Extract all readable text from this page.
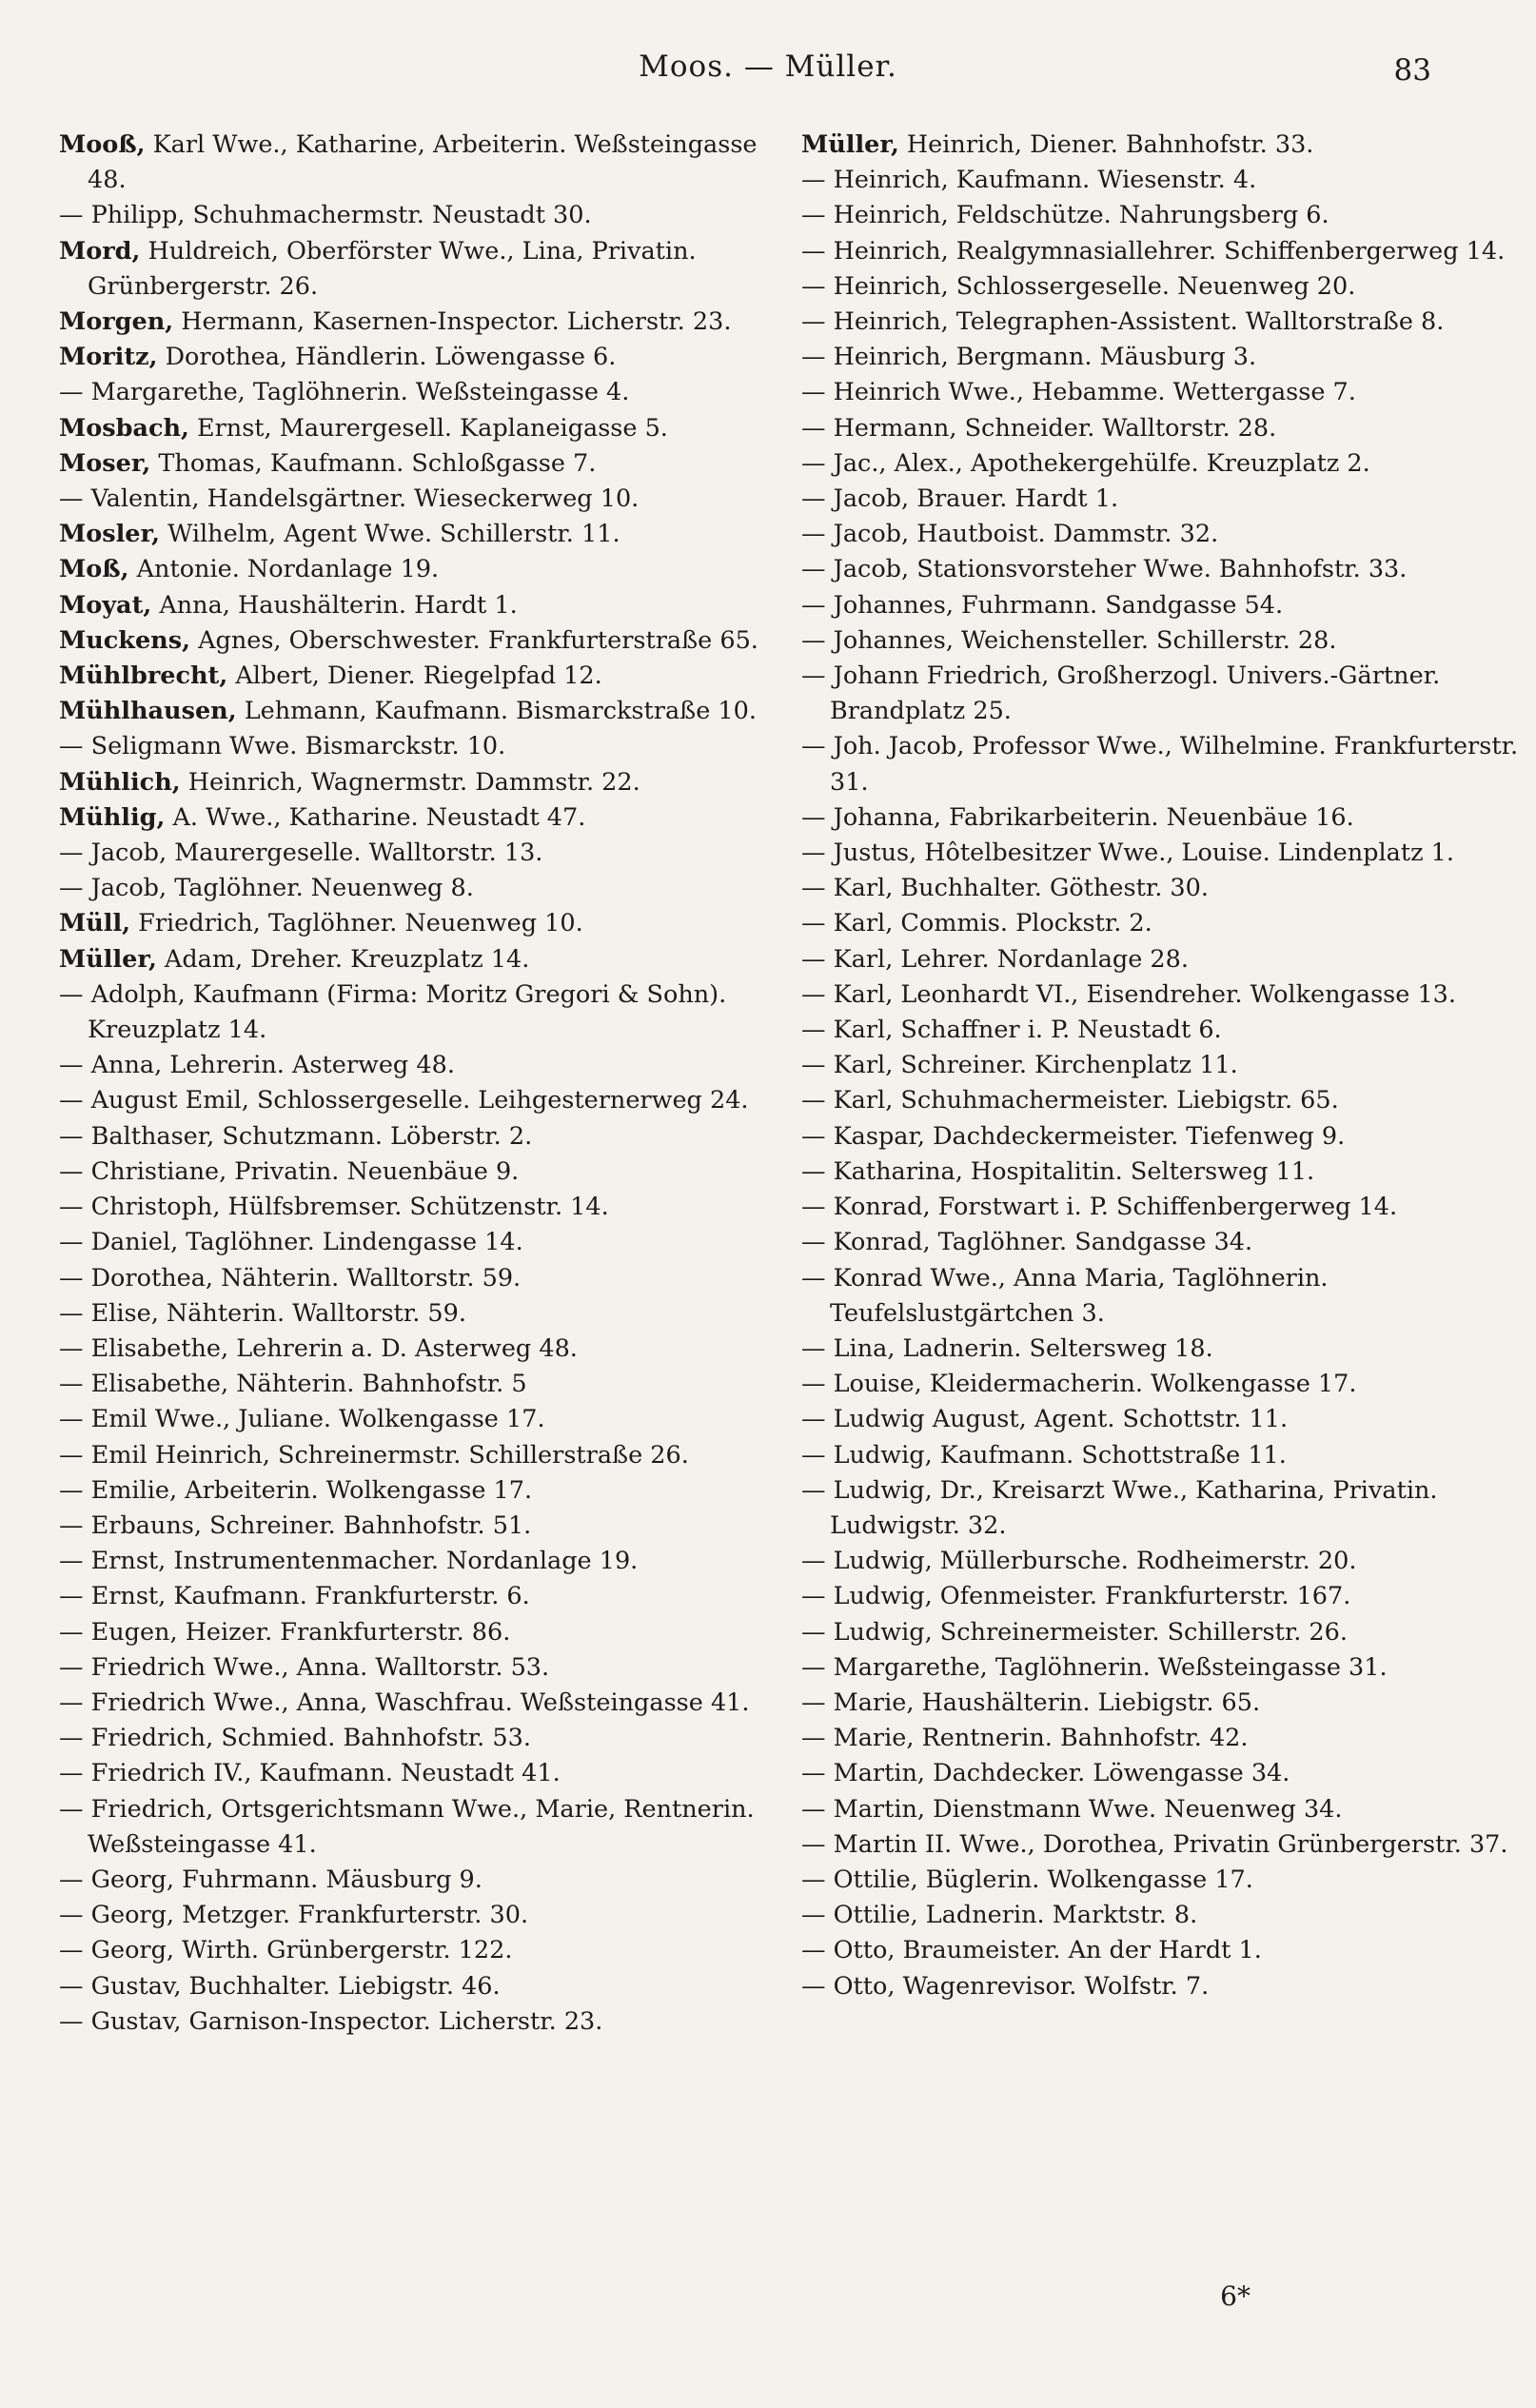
Moos. — Müller.	83
Mooß, Karl Wwe., Katharine, Arbeiterin. Weßsteingasse 48.
— Philipp, Schuhmachermstr. Neustadt 30.
Mord, Huldreich, Oberförster Wwe., Lina, Privatin. Grünbergerstr. 26.
Morgen, Hermann, Kasernen-Inspector. Licherstr. 23.
Moritz, Dorothea, Händlerin. Löwengasse 6.
— Margarethe, Taglöhnerin. Weßsteingasse 4.
Mosbach, Ernst, Maurergesell. Kaplaneigasse 5.
Moser, Thomas, Kaufmann. Schloßgasse 7.
— Valentin, Handelsgärtner. Wieseckerweg 10.
Mosler, Wilhelm, Agent Wwe. Schillerstr. 11.
Moß, Antonie. Nordanlage 19.
Moyat, Anna, Haushälterin. Hardt 1.
Muckens, Agnes, Oberschwester. Frankfurterstraße 65.
Mühlbrecht, Albert, Diener. Riegelpfad 12.
Mühlhausen, Lehmann, Kaufmann. Bismarckstraße 10.
— Seligmann Wwe. Bismarckstr. 10.
Mühlich, Heinrich, Wagnermstr. Dammstr. 22.
Mühlig, A. Wwe., Katharine. Neustadt 47.
— Jacob, Maurergeselle. Walltorstr. 13.
— Jacob, Taglöhner. Neuenweg 8.
Müll, Friedrich, Taglöhner. Neuenweg 10.
Müller, Adam, Dreher. Kreuzplatz 14.
— Adolph, Kaufmann (Firma: Moritz Gregori & Sohn). Kreuzplatz 14.
— Anna, Lehrerin. Asterweg 48.
— August Emil, Schlossergeselle. Leihgesternerweg 24.
— Balthaser, Schutzmann. Löberstr. 2.
— Christiane, Privatin. Neuenbäue 9.
— Christoph, Hülfsbremser. Schützenstr. 14.
— Daniel, Taglöhner. Lindengasse 14.
— Dorothea, Nähterin. Walltorstr. 59.
— Elise, Nähterin. Walltorstr. 59.
— Elisabethe, Lehrerin a. D. Asterweg 48.
— Elisabethe, Nähterin. Bahnhofstr. 5
— Emil Wwe., Juliane. Wolkengasse 17.
— Emil Heinrich, Schreinermstr. Schillerstraße 26.
— Emilie, Arbeiterin. Wolkengasse 17.
— Erbauns, Schreiner. Bahnhofstr. 51.
— Ernst, Instrumentenmacher. Nordanlage 19.
— Ernst, Kaufmann. Frankfurterstr. 6.
— Eugen, Heizer. Frankfurterstr. 86.
— Friedrich Wwe., Anna. Walltorstr. 53.
— Friedrich Wwe., Anna, Waschfrau. Weßsteingasse 41.
— Friedrich, Schmied. Bahnhofstr. 53.
— Friedrich IV., Kaufmann. Neustadt 41.
— Friedrich, Ortsgerichtsmann Wwe., Marie, Rentnerin. Weßsteingasse 41.
— Georg, Fuhrmann. Mäusburg 9.
— Georg, Metzger. Frankfurterstr. 30.
— Georg, Wirth. Grünbergerstr. 122.
— Gustav, Buchhalter. Liebigstr. 46.
— Gustav, Garnison-Inspector. Licherstr. 23.
Müller, Heinrich, Diener. Bahnhofstr. 33.
— Heinrich, Kaufmann. Wiesenstr. 4.
— Heinrich, Feldschütze. Nahrungsberg 6.
— Heinrich, Realgymnasiallehrer. Schiffenbergerweg 14.
— Heinrich, Schlossergeselle. Neuenweg 20.
— Heinrich, Telegraphen-Assistent. Walltorstraße 8.
— Heinrich, Bergmann. Mäusburg 3.
— Heinrich Wwe., Hebamme. Wettergasse 7.
— Hermann, Schneider. Walltorstr. 28.
— Jac., Alex., Apothekergehülfe. Kreuzplatz 2.
— Jacob, Brauer. Hardt 1.
— Jacob, Hautboist. Dammstr. 32.
— Jacob, Stationsvorsteher Wwe. Bahnhofstr. 33.
— Johannes, Fuhrmann. Sandgasse 54.
— Johannes, Weichensteller. Schillerstr. 28.
— Johann Friedrich, Großherzogl. Univers.-Gärtner. Brandplatz 25.
— Joh. Jacob, Professor Wwe., Wilhelmine. Frankfurterstr. 31.
— Johanna, Fabrikarbeiterin. Neuenbäue 16.
— Justus, Hôtelbesitzer Wwe., Louise. Lindenplatz 1.
— Karl, Buchhalter. Göthestr. 30.
— Karl, Commis. Plockstr. 2.
— Karl, Lehrer. Nordanlage 28.
— Karl, Leonhardt VI., Eisendreher. Wolkengasse 13.
— Karl, Schaffner i. P. Neustadt 6.
— Karl, Schreiner. Kirchenplatz 11.
— Karl, Schuhmachermeister. Liebigstr. 65.
— Kaspar, Dachdeckermeister. Tiefenweg 9.
— Katharina, Hospitalitin. Seltersweg 11.
— Konrad, Forstwart i. P. Schiffenbergerweg 14.
— Konrad, Taglöhner. Sandgasse 34.
— Konrad Wwe., Anna Maria, Taglöhnerin. Teufelslustgärtchen 3.
— Lina, Ladnerin. Seltersweg 18.
— Louise, Kleidermacherin. Wolkengasse 17.
— Ludwig August, Agent. Schottstr. 11.
— Ludwig, Kaufmann. Schottstraße 11.
— Ludwig, Dr., Kreisarzt Wwe., Katharina, Privatin. Ludwigstr. 32.
— Ludwig, Müllerbursche. Rodheimerstr. 20.
— Ludwig, Ofenmeister. Frankfurterstr. 167.
— Ludwig, Schreinermeister. Schillerstr. 26.
— Margarethe, Taglöhnerin. Weßsteingasse 31.
— Marie, Haushälterin. Liebigstr. 65.
— Marie, Rentnerin. Bahnhofstr. 42.
— Martin, Dachdecker. Löwengasse 34.
— Martin, Dienstmann Wwe. Neuenweg 34.
— Martin II. Wwe., Dorothea, Privatin Grünbergerstr. 37.
— Ottilie, Büglerin. Wolkengasse 17.
— Ottilie, Ladnerin. Marktstr. 8.
— Otto, Braumeister. An der Hardt 1.
— Otto, Wagenrevisor. Wolfstr. 7.
6*
